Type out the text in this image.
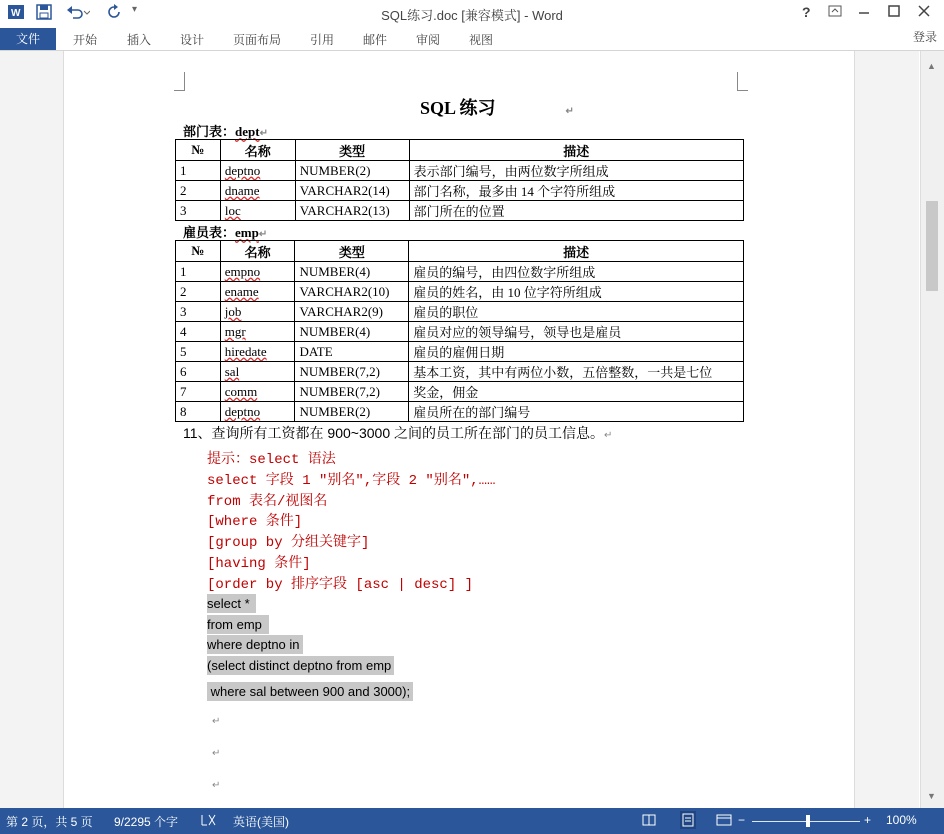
W	▾	SQL练习.doc [兼容模式] - Word	?
文件	开始 插入 设计 页面布局 引用 邮件 审阅 视图	登录
▲
▼
SQL 练习	↵
部门表：dept↵
№	名称	类型	描述
1	deptno	NUMBER(2)	表示部门编号，由两位数字所组成
2	dname	VARCHAR2(14)	部门名称，最多由 14 个字符所组成
3	loc	VARCHAR2(13)	部门所在的位置
雇员表：emp↵
№	名称	类型	描述
1	empno	NUMBER(4)	雇员的编号，由四位数字所组成
2	ename	VARCHAR2(10)	雇员的姓名，由 10 位字符所组成
3	job	VARCHAR2(9)	雇员的职位
4	mgr	NUMBER(4)	雇员对应的领导编号，领导也是雇员
5	hiredate	DATE	雇员的雇佣日期
6	sal	NUMBER(7,2)	基本工资，其中有两位小数，五倍整数，一共是七位
7	comm	NUMBER(7,2)	奖金，佣金
8	deptno	NUMBER(2)	雇员所在的部门编号
11、查询所有工资都在 900~3000 之间的员工所在部门的员工信息。↵
提示：select 语法
select 字段 1 "别名",字段 2 "别名",……
from 表名/视图名
[where 条件]
[group by 分组关键字]
[having 条件]
[order by 排序字段 [asc | desc] ]
select *
from emp
where deptno in
(select distinct deptno from emp
where sal between 900 and 3000);
↵
↵
↵
第 2 页，共 5 页 9/2295 个字	英语(美国)	−	+ 100%
